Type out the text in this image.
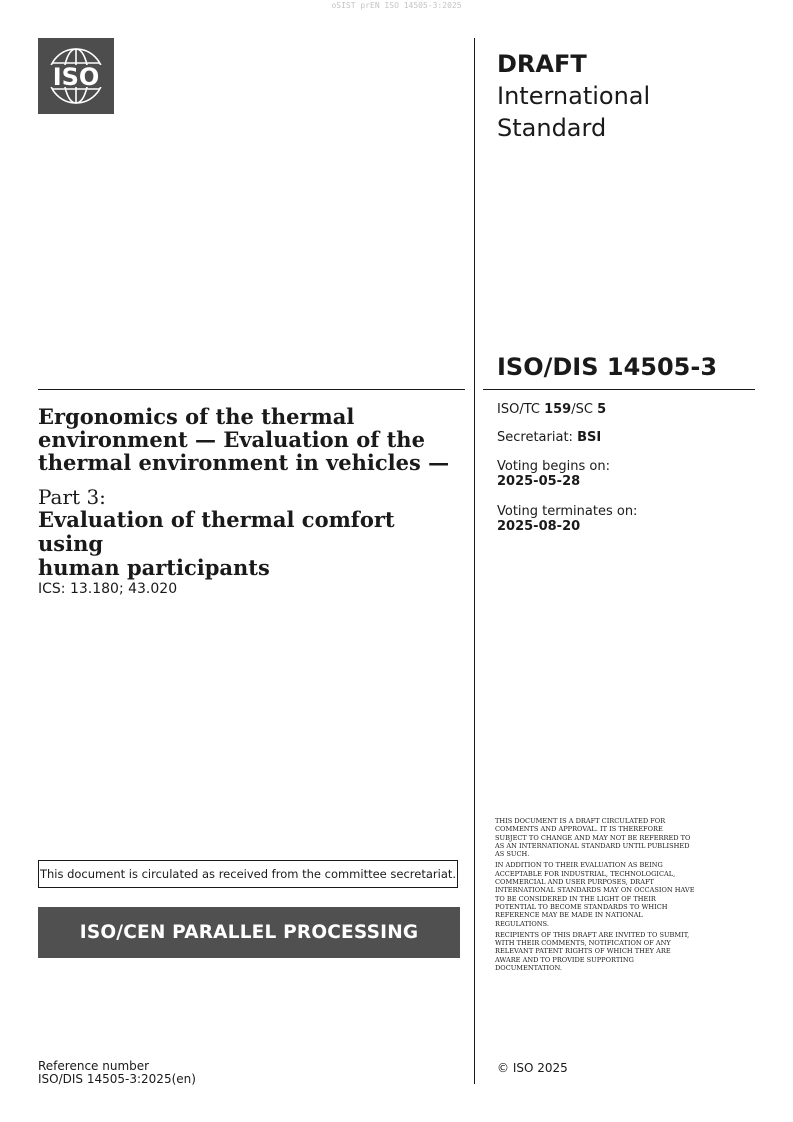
oSIST prEN ISO 14505-3:2025
ISO	DRAFT
International
Standard
ISO/DIS 14505-3

Ergonomics of the thermal
environment — Evaluation of the
thermal environment in vehicles —

Part 3:

Evaluation of thermal comfort using
human participants

ICS: 13.180; 43.020
ISO/TC 159/SC 5
Secretariat: BSI
Voting begins on:
2025-05-28
Voting terminates on:
2025-08-20
This document is circulated as received from the committee secretariat.
ISO/CEN PARALLEL PROCESSING

THIS DOCUMENT IS A DRAFT CIRCULATED FOR COMMENTS AND APPROVAL. IT IS THEREFORE SUBJECT TO CHANGE AND MAY NOT BE REFERRED TO AS AN INTERNATIONAL STANDARD UNTIL PUBLISHED AS SUCH.

IN ADDITION TO THEIR EVALUATION AS BEING ACCEPTABLE FOR INDUSTRIAL, TECHNOLOGICAL, COMMERCIAL AND USER PURPOSES, DRAFT INTERNATIONAL STANDARDS MAY ON OCCASION HAVE TO BE CONSIDERED IN THE LIGHT OF THEIR POTENTIAL TO BECOME STANDARDS TO WHICH REFERENCE MAY BE MADE IN NATIONAL REGULATIONS.

RECIPIENTS OF THIS DRAFT ARE INVITED TO SUBMIT, WITH THEIR COMMENTS, NOTIFICATION OF ANY RELEVANT PATENT RIGHTS OF WHICH THEY ARE AWARE AND TO PROVIDE SUPPORTING DOCUMENTATION.

Reference number
ISO/DIS 14505-3:2025(en)
© ISO 2025
